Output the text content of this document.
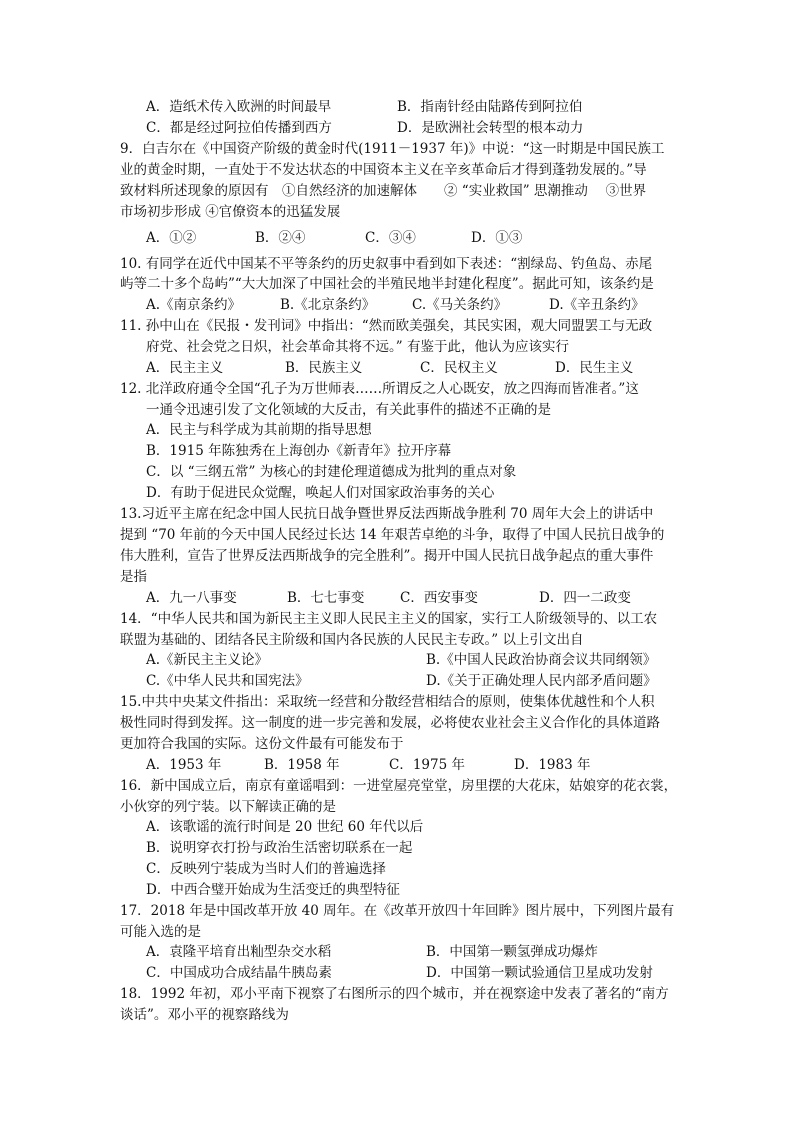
A．造纸术传入欧洲的时间最早	B．指南针经由陆路传到阿拉伯
C．都是经过阿拉伯传播到西方	D．是欧洲社会转型的根本动力
9．白吉尔在《中国资产阶级的黄金时代(1911－1937 年)》中说：“这一时期是中国民族工
业的黄金时期，一直处于不发达状态的中国资本主义在辛亥革命后才得到蓬勃发展的。”导
致材料所述现象的原因有　①自然经济的加速解体　　② “实业救国” 思潮推动　 ③世界
市场初步形成 ④官僚资本的迅猛发展
A．①②	B．②④	C．③④	D．①③
10. 有同学在近代中国某不平等条约的历史叙事中看到如下表述：“割绿岛、钓鱼岛、赤尾
屿等二十多个岛屿”“大大加深了中国社会的半殖民地半封建化程度”。据此可知，该条约是
A.《南京条约》	B.《北京条约》	C.《马关条约》	D.《辛丑条约》
11. 孙中山在《民报・发刊词》中指出：“然而欧美强矣，其民实困，观大同盟罢工与无政
府党、社会党之日炽，社会革命其将不远。” 有鉴于此，他认为应该实行
A．民主主义	B．民族主义	C．民权主义	D．民生主义
12. 北洋政府通令全国“孔子为万世师表……所谓反之人心既安，放之四海而皆准者。”这
一通令迅速引发了文化领域的大反击，有关此事件的描述不正确的是
A．民主与科学成为其前期的指导思想
B．1915 年陈独秀在上海创办《新青年》拉开序幕
C．以 “三纲五常” 为核心的封建伦理道德成为批判的重点对象
D．有助于促进民众觉醒，唤起人们对国家政治事务的关心
13.习近平主席在纪念中国人民抗日战争暨世界反法西斯战争胜利 70 周年大会上的讲话中
提到 “70 年前的今天中国人民经过长达 14 年艰苦卓绝的斗争，取得了中国人民抗日战争的
伟大胜利，宣告了世界反法西斯战争的完全胜利”。揭开中国人民抗日战争起点的重大事件
是指
A．九一八事变	B．七七事变	C．西安事变	D．四一二政变
14．“中华人民共和国为新民主主义即人民民主主义的国家，实行工人阶级领导的、以工农
联盟为基础的、团结各民主阶级和国内各民族的人民民主专政。” 以上引文出自
A.《新民主主义论》	B.《中国人民政治协商会议共同纲领》
C.《中华人民共和国宪法》	D.《关于正确处理人民内部矛盾问题》
15.中共中央某文件指出：采取统一经营和分散经营相结合的原则，使集体优越性和个人积
极性同时得到发挥。这一制度的进一步完善和发展，必将使农业社会主义合作化的具体道路
更加符合我国的实际。这份文件最有可能发布于
A．1953 年	B．1958 年	C．1975 年	D．1983 年
16．新中国成立后，南京有童谣唱到：一进堂屋亮堂堂，房里摆的大花床，姑娘穿的花衣裳，
小伙穿的列宁装。以下解读正确的是
A．该歌谣的流行时间是 20 世纪 60 年代以后
B．说明穿衣打扮与政治生活密切联系在一起
C．反映列宁装成为当时人们的普遍选择
D．中西合璧开始成为生活变迁的典型特征
17．2018 年是中国改革开放 40 周年。在《改革开放四十年回眸》图片展中，下列图片最有
可能入选的是
A．袁隆平培育出籼型杂交水稻	B．中国第一颗氢弹成功爆炸
C．中国成功合成结晶牛胰岛素	D．中国第一颗试验通信卫星成功发射
18．1992 年初，邓小平南下视察了右图所示的四个城市，并在视察途中发表了著名的“南方
谈话”。邓小平的视察路线为
